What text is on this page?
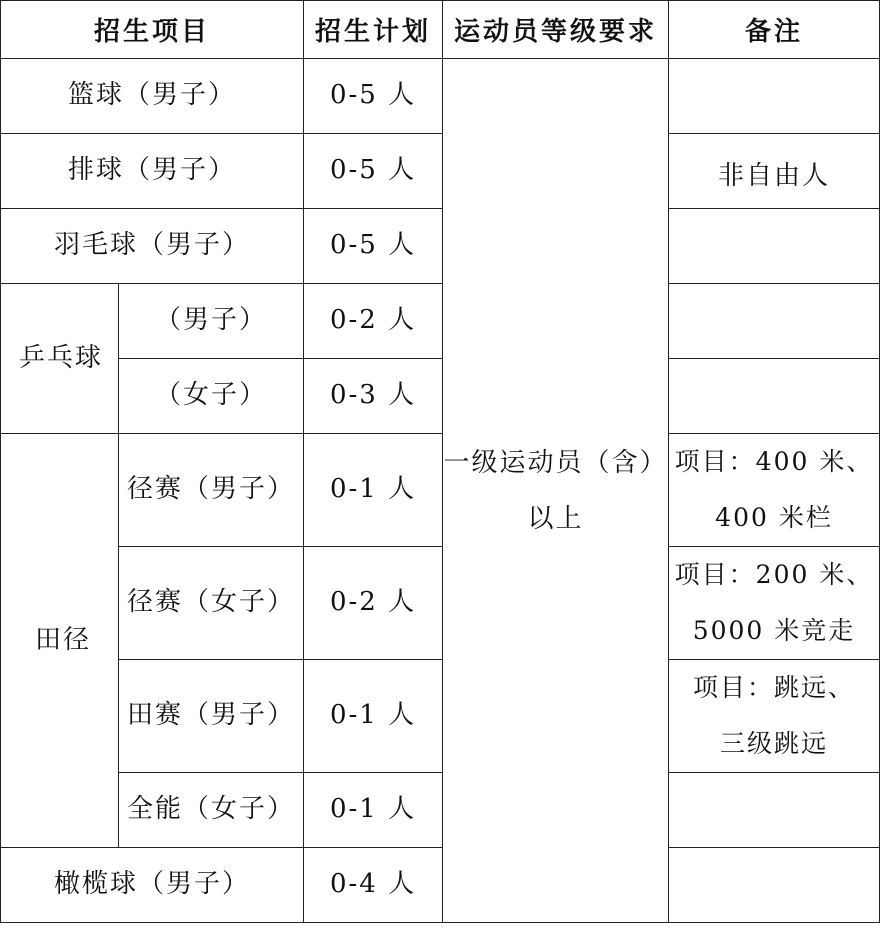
招生项目		招生计划	运动员等级要求	备注
篮球（男子）		0-5 人	一级运动员（含）
以上	

排球（男子）		0-5 人		非自由人
羽毛球（男子）		0-5 人		
乒乓球	（男子）	0-2 人		
	（女子）	0-3 人		
田径	径赛（男子）	0-1 人		项目：400 米、
400 米栏

	径赛（女子）	0-2 人		项目：200 米、
5000 米竞走

	田赛（男子）	0-1 人		项目：跳远、
三级跳远

	全能（女子）	0-1 人		
橄榄球（男子）		0-4 人		
